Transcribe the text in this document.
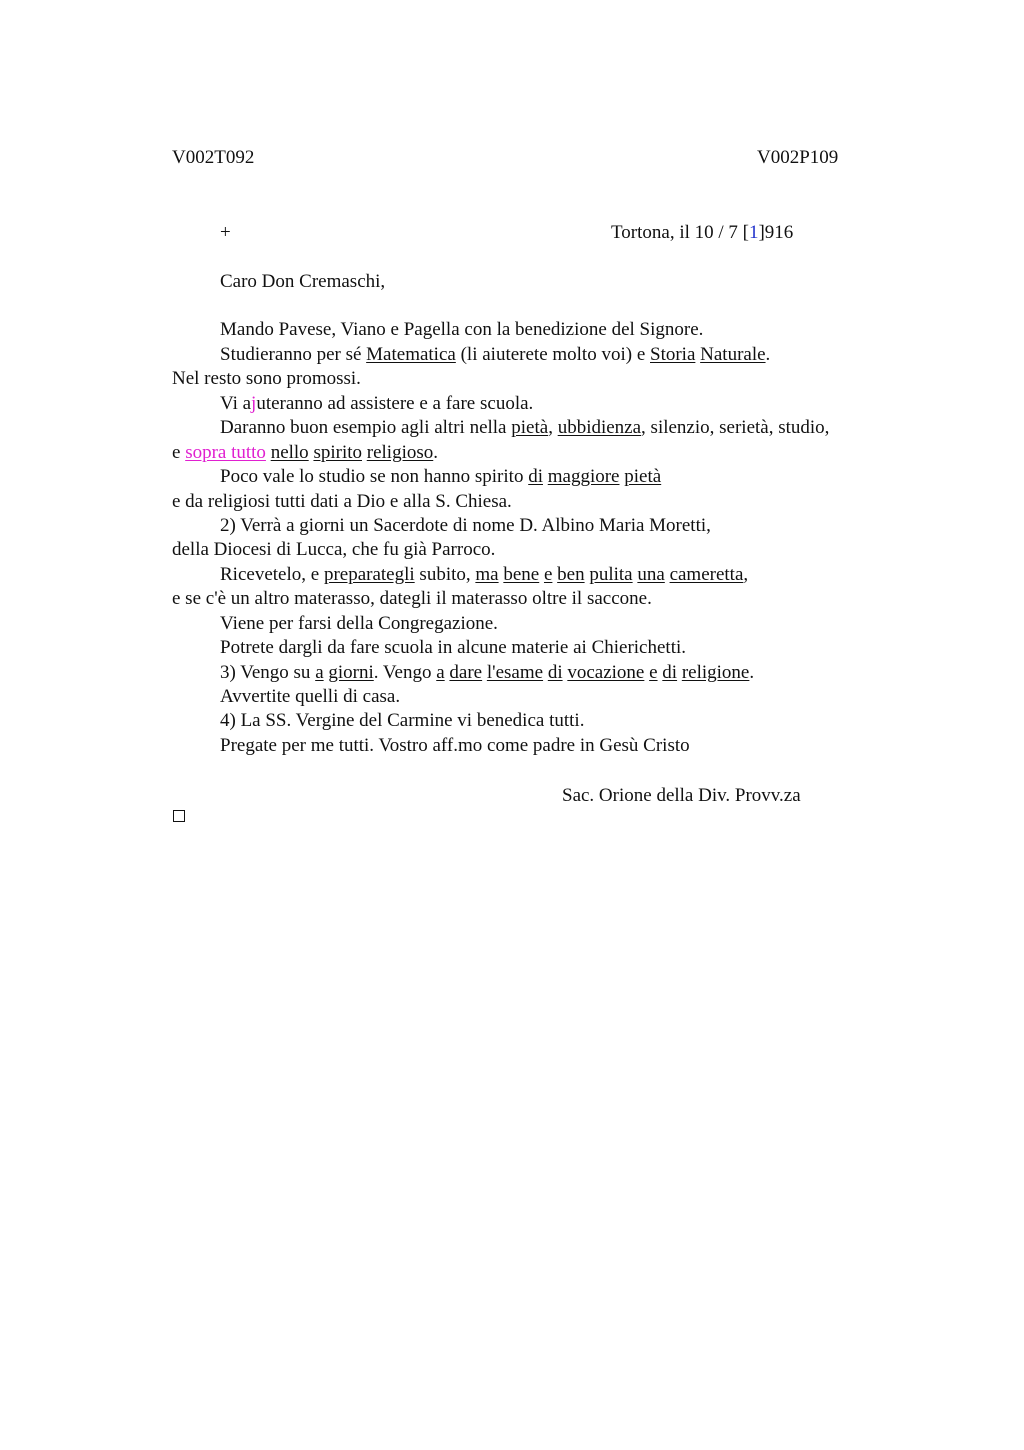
V002T092	V002P109
+	Tortona, il 10 / 7 [1]916
Caro Don Cremaschi,
Mando Pavese, Viano e Pagella con la benedizione del Signore.
Studieranno per sé Matematica (li aiuterete molto voi) e Storia Naturale.
Nel resto sono promossi.
Vi ajuteranno ad assistere e a fare scuola.
Daranno buon esempio agli altri nella pietà, ubbidienza, silenzio, serietà, studio,
e sopra tutto nello spirito religioso.
Poco vale lo studio se non hanno spirito di maggiore pietà
e da religiosi tutti dati a Dio e alla S. Chiesa.
2) Verrà a giorni un Sacerdote di nome D. Albino Maria Moretti,
della Diocesi di Lucca, che fu già Parroco.
Ricevetelo, e preparategli subito, ma bene e ben pulita una cameretta,
e se c'è un altro materasso, dategli il materasso oltre il saccone.
Viene per farsi della Congregazione.
Potrete dargli da fare scuola in alcune materie ai Chierichetti.
3) Vengo su a giorni. Vengo a dare l'esame di vocazione e di religione.
Avvertite quelli di casa.
4) La SS. Vergine del Carmine vi benedica tutti.
Pregate per me tutti. Vostro aff.mo come padre in Gesù Cristo
Sac. Orione della Div. Provv.za
